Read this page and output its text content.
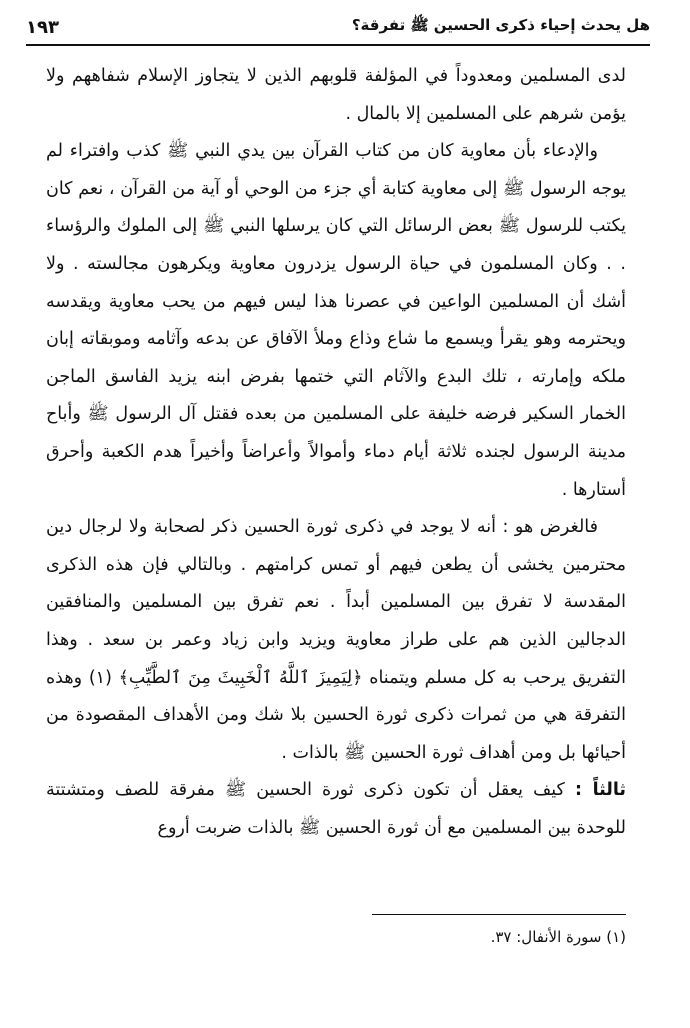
هل يحدث إحياء ذكرى الحسين ﷺ تفرقة؟
١٩٣

لدى المسلمين ومعدوداً في المؤلفة قلوبهم الذين لا يتجاوز الإسلام شفاههم ولا يؤمن شرهم على المسلمين إلا بالمال .

والإدعاء بأن معاوية كان من كتاب القرآن بين يدي النبي ﷺ كذب وافتراء لم يوجه الرسول ﷺ إلى معاوية كتابة أي جزء من الوحي أو آية من القرآن ، نعم كان يكتب للرسول ﷺ بعض الرسائل التي كان يرسلها النبي ﷺ إلى الملوك والرؤساء . . وكان المسلمون في حياة الرسول يزدرون معاوية ويكرهون مجالسته . ولا أشك أن المسلمين الواعين في عصرنا هذا ليس فيهم من يحب معاوية ويقدسه ويحترمه وهو يقرأ ويسمع ما شاع وذاع وملأ الآفاق عن بدعه وآثامه وموبقاته إبان ملكه وإمارته ، تلك البدع والآثام التي ختمها بفرض ابنه يزيد الفاسق الماجن الخمار السكير فرضه خليفة على المسلمين من بعده فقتل آل الرسول ﷺ وأباح مدينة الرسول لجنده ثلاثة أيام دماء وأموالاً وأعراضاً وأخيراً هدم الكعبة وأحرق أستارها .

فالغرض هو : أنه لا يوجد في ذكرى ثورة الحسين ذكر لصحابة ولا لرجال دين محترمين يخشى أن يطعن فيهم أو تمس كرامتهم . وبالتالي فإن هذه الذكرى المقدسة لا تفرق بين المسلمين أبداً . نعم تفرق بين المسلمين والمنافقين الدجالين الذين هم على طراز معاوية ويزيد وابن زياد وعمر بن سعد . وهذا التفريق يرحب به كل مسلم ويتمناه ﴿لِيَمِيزَ ٱللَّهُ ٱلْخَبِيثَ مِنَ ٱلطَّيِّبِ﴾ (١) وهذه التفرقة هي من ثمرات ذكرى ثورة الحسين بلا شك ومن الأهداف المقصودة من أحيائها بل ومن أهداف ثورة الحسين ﷺ بالذات .

ثالثاً : كيف يعقل أن تكون ذكرى ثورة الحسين ﷺ مفرقة للصف ومتشتتة للوحدة بين المسلمين مع أن ثورة الحسين ﷺ بالذات ضربت أروع

(١) سورة الأنفال: ٣٧.
